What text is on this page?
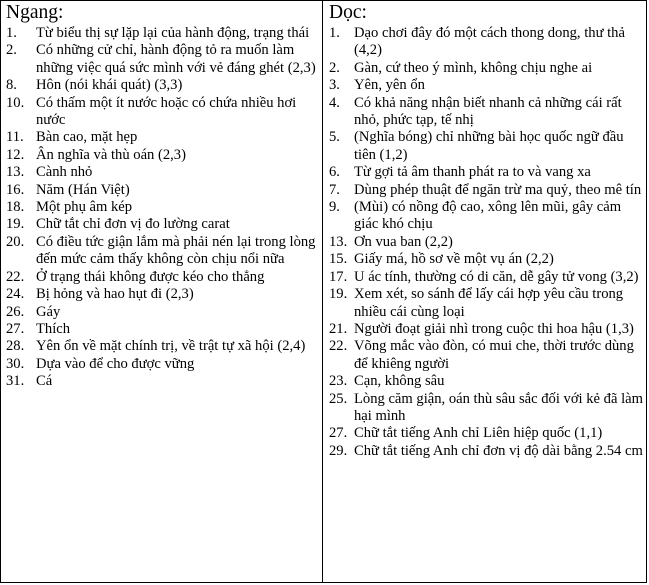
Ngang:
1.	Từ biểu thị sự lặp lại của hành động, trạng thái
2.	Có những cử chỉ, hành động tỏ ra muốn làm những việc quá sức mình với vẻ đáng ghét (2,3)
8.	Hôn (nói khái quát) (3,3)
10. Có thấm một ít nước hoặc có chứa nhiều hơi nước
11. Bàn cao, mặt hẹp
12. Ân nghĩa và thù oán (2,3)
13. Cành nhỏ
16. Năm (Hán Việt)
18. Một phụ âm kép
19. Chữ tắt chỉ đơn vị đo lường carat
20. Có điều tức giận lắm mà phải nén lại trong lòng đến mức cảm thấy không còn chịu nổi nữa
22. Ở trạng thái không được kéo cho thẳng
24. Bị hỏng và hao hụt đi (2,3)
26. Gáy
27. Thích
28. Yên ổn về mặt chính trị, về trật tự xã hội (2,4)
30. Dựa vào để cho được vững
31. Cá
Dọc:
1. Dạo chơi đây đó một cách thong dong, thư thả (4,2)
2. Gàn, cứ theo ý mình, không chịu nghe ai
3. Yên, yên ổn
4. Có khả năng nhận biết nhanh cả những cái rất nhỏ, phức tạp, tế nhị
5. (Nghĩa bóng) chỉ những bài học quốc ngữ đầu tiên (1,2)
6. Từ gợi tả âm thanh phát ra to và vang xa
7. Dùng phép thuật để ngăn trừ ma quỷ, theo mê tín
9. (Mùi) có nồng độ cao, xông lên mũi, gây cảm giác khó chịu
13. Ơn vua ban (2,2)
15. Giấy má, hồ sơ về một vụ án (2,2)
17. U ác tính, thường có di căn, dễ gây tử vong (3,2)
19. Xem xét, so sánh để lấy cái hợp yêu cầu trong nhiều cái cùng loại
21. Người đoạt giải nhì trong cuộc thi hoa hậu (1,3)
22. Võng mắc vào đòn, có mui che, thời trước dùng để khiêng người
23. Cạn, không sâu
25. Lòng căm giận, oán thù sâu sắc đối với kẻ đã làm hại mình
27. Chữ tắt tiếng Anh chỉ Liên hiệp quốc (1,1)
29. Chữ tắt tiếng Anh chỉ đơn vị độ dài bằng 2.54 cm
